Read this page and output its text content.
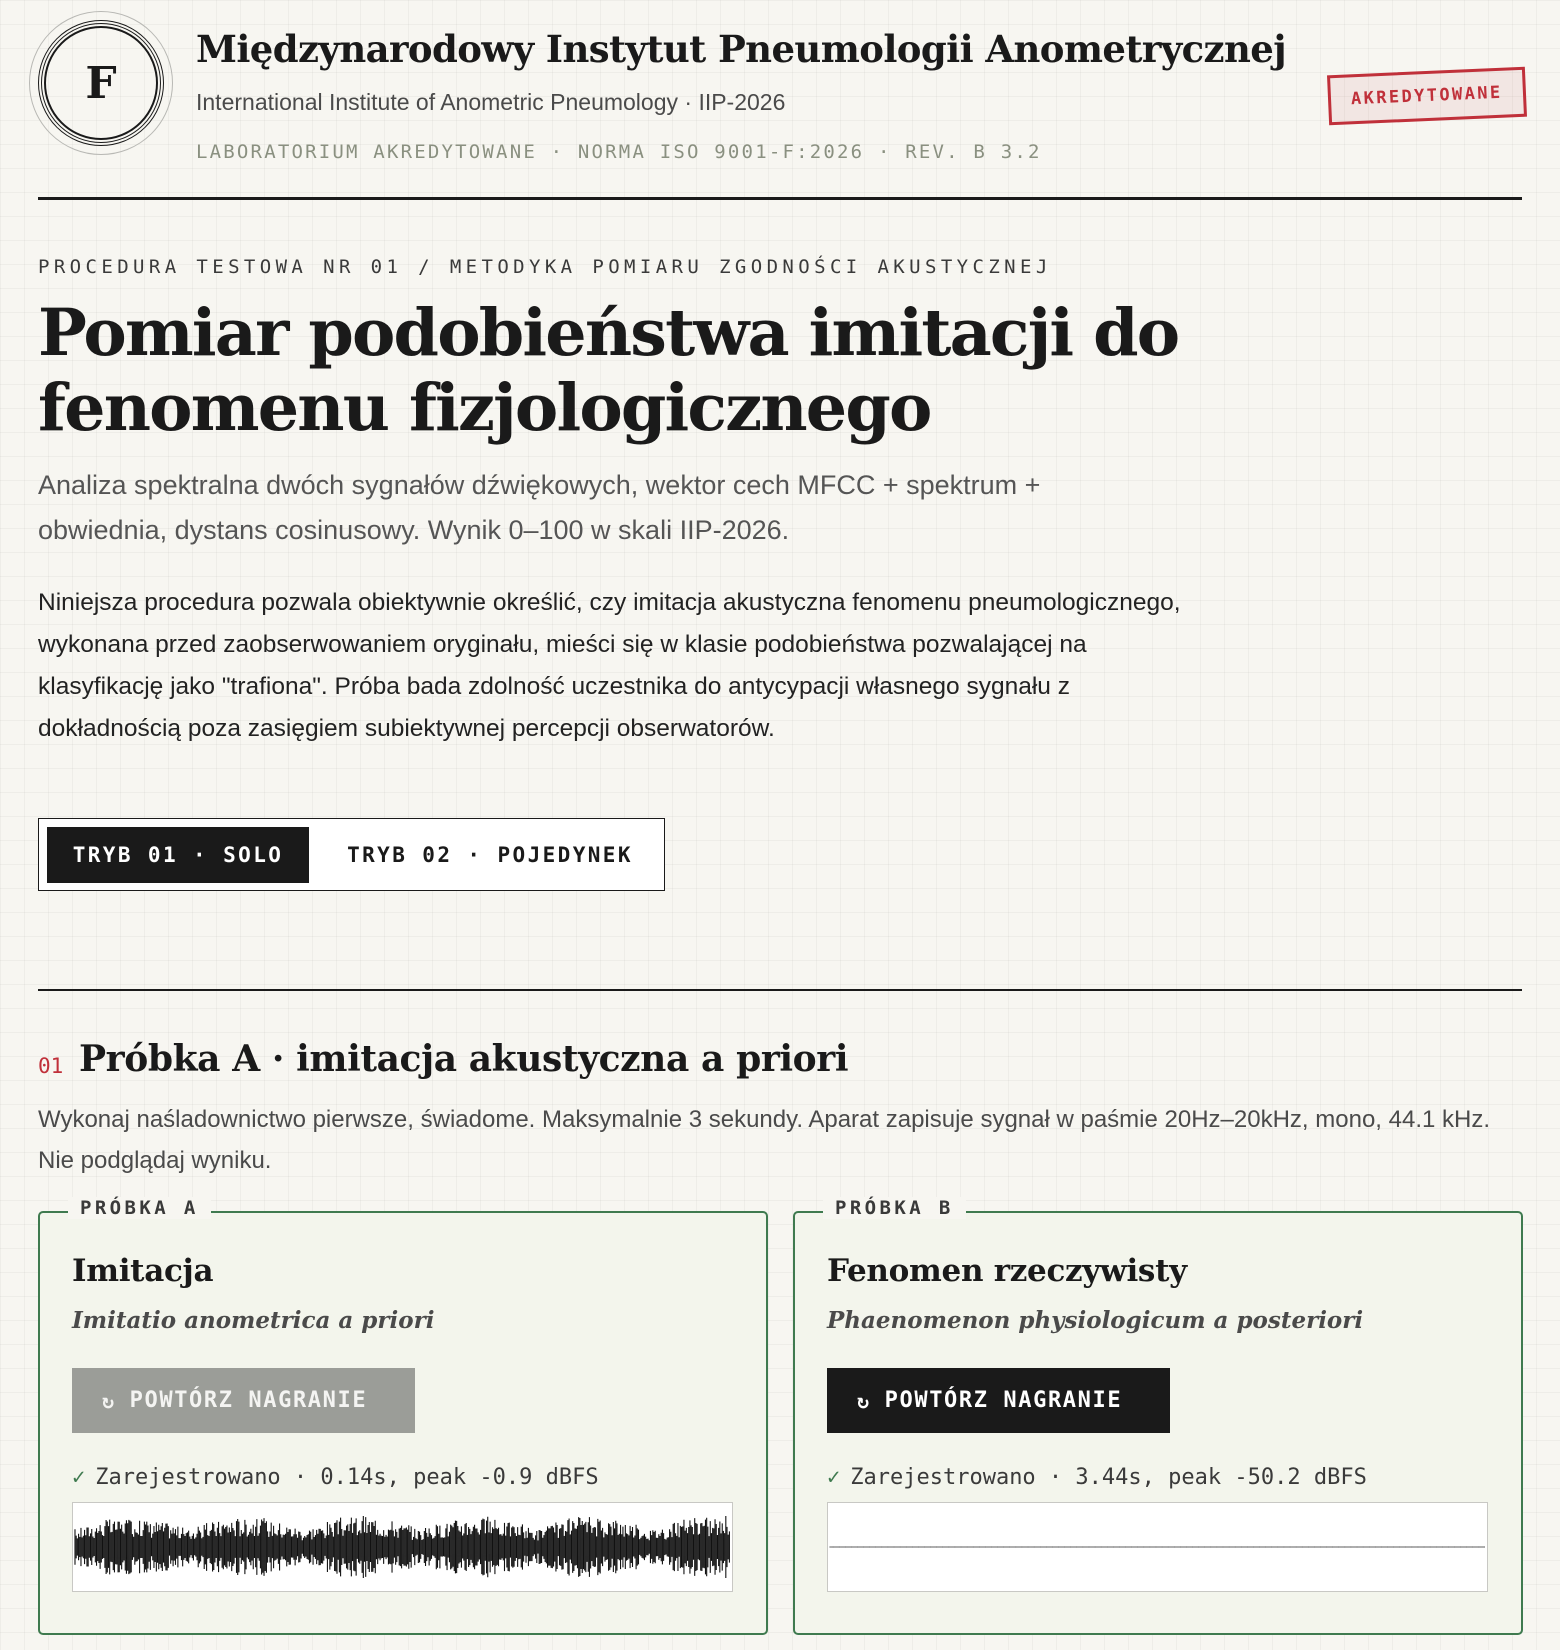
F
Międzynarodowy Instytut Pneumologii Anometrycznej
International Institute of Anometric Pneumology · IIP-2026
LABORATORIUM AKREDYTOWANE · NORMA ISO 9001-F:2026 · REV. B 3.2
AKREDYTOWANE
PROCEDURA TESTOWA NR 01 / METODYKA POMIARU ZGODNOŚCI AKUSTYCZNEJ
Pomiar podobieństwa imitacji do fenomenu fizjologicznego

Analiza spektralna dwóch sygnałów dźwiękowych, wektor cech MFCC + spektrum + obwiednia, dystans cosinusowy. Wynik 0–100 w skali IIP-2026.

Niniejsza procedura pozwala obiektywnie określić, czy imitacja akustyczna fenomenu pneumologicznego, wykonana przed zaobserwowaniem oryginału, mieści się w klasie podobieństwa pozwalającej na klasyfikację jako "trafiona". Próba bada zdolność uczestnika do antycypacji własnego sygnału z dokładnością poza zasięgiem subiektywnej percepcji obserwatorów.

TRYB 01 · SOLO	TRYB 02 · POJEDYNEK
01 Próbka A · imitacja akustyczna a priori

Wykonaj naśladownictwo pierwsze, świadome. Maksymalnie 3 sekundy. Aparat zapisuje sygnał w paśmie 20Hz–20kHz, mono, 44.1 kHz. Nie podglądaj wyniku.

PRÓBKA A
Imitacja
Imitatio anometrica a priori
↻ POWTÓRZ NAGRANIE
✓ Zarejestrowano · 0.14s, peak -0.9 dBFS
PRÓBKA B
Fenomen rzeczywisty
Phaenomenon physiologicum a posteriori
↻ POWTÓRZ NAGRANIE
✓ Zarejestrowano · 3.44s, peak -50.2 dBFS
